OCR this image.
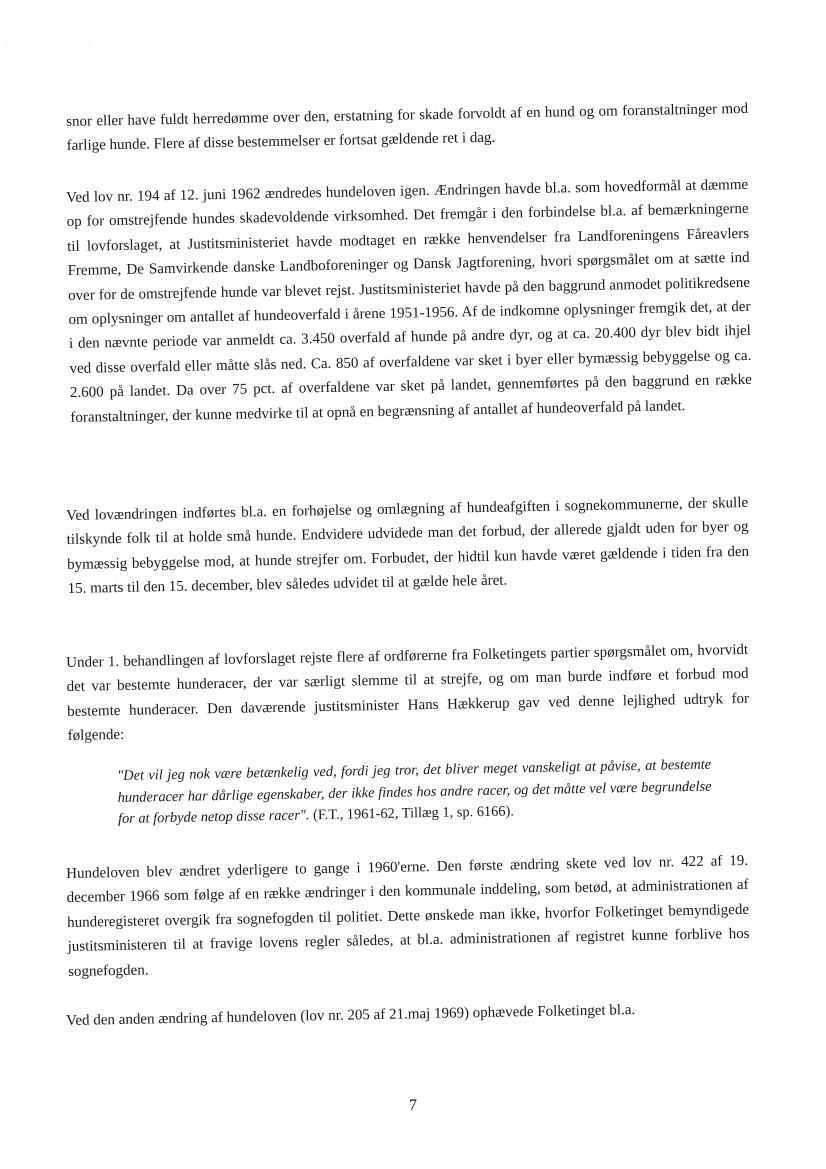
· ·

snor eller have fuldt herredømme over den, erstatning for skade forvoldt af en hund og om foranstaltninger mod farlige hunde. Flere af disse bestemmelser er fortsat gældende ret i dag.

Ved lov nr. 194 af 12. juni 1962 ændredes hundeloven igen. Ændringen havde bl.a. som hovedformål at dæmme op for omstrejfende hundes skadevoldende virksomhed. Det fremgår i den forbindelse bl.a. af bemærkningerne til lovforslaget, at Justitsministeriet havde modtaget en række henvendelser fra Landforeningens Fåreavlers Fremme, De Samvirkende danske Landboforeninger og Dansk Jagtforening, hvori spørgsmålet om at sætte ind over for de omstrejfende hunde var blevet rejst. Justitsministeriet havde på den baggrund anmodet politikredsene om oplysninger om antallet af hundeoverfald i årene 1951-1956. Af de indkomne oplysninger fremgik det, at der i den nævnte periode var anmeldt ca. 3.450 overfald af hunde på andre dyr, og at ca. 20.400 dyr blev bidt ihjel ved disse overfald eller måtte slås ned. Ca. 850 af overfaldene var sket i byer eller bymæssig bebyggelse og ca. 2.600 på landet. Da over 75 pct. af overfaldene var sket på landet, gennemførtes på den baggrund en række foranstaltninger, der kunne medvirke til at opnå en begrænsning af antallet af hundeoverfald på landet.

Ved lovændringen indførtes bl.a. en forhøjelse og omlægning af hundeafgiften i sognekommunerne, der skulle tilskynde folk til at holde små hunde. Endvidere udvidede man det forbud, der allerede gjaldt uden for byer og bymæssig bebyggelse mod, at hunde strejfer om. Forbudet, der hidtil kun havde været gældende i tiden fra den 15. marts til den 15. december, blev således udvidet til at gælde hele året.

Under 1. behandlingen af lovforslaget rejste flere af ordførerne fra Folketingets partier spørgsmålet om, hvorvidt det var bestemte hunderacer, der var særligt slemme til at strejfe, og om man burde indføre et forbud mod bestemte hunderacer. Den daværende justitsminister Hans Hækkerup gav ved denne lejlighed udtryk for følgende:

"Det vil jeg nok være betænkelig ved, fordi jeg tror, det bliver meget vanskeligt at påvise, at bestemte hunderacer har dårlige egenskaber, der ikke findes hos andre racer, og det måtte vel være begrundelse for at forbyde netop disse racer". (F.T., 1961-62, Tillæg 1, sp. 6166).

Hundeloven blev ændret yderligere to gange i 1960'erne. Den første ændring skete ved lov nr. 422 af 19. december 1966 som følge af en række ændringer i den kommunale inddeling, som betød, at administrationen af hunderegisteret overgik fra sognefogden til politiet. Dette ønskede man ikke, hvorfor Folketinget bemyndigede justitsministeren til at fravige lovens regler således, at bl.a. administrationen af registret kunne forblive hos sognefogden.

Ved den anden ændring af hundeloven (lov nr. 205 af 21.maj 1969) ophævede Folketinget bl.a.

7
